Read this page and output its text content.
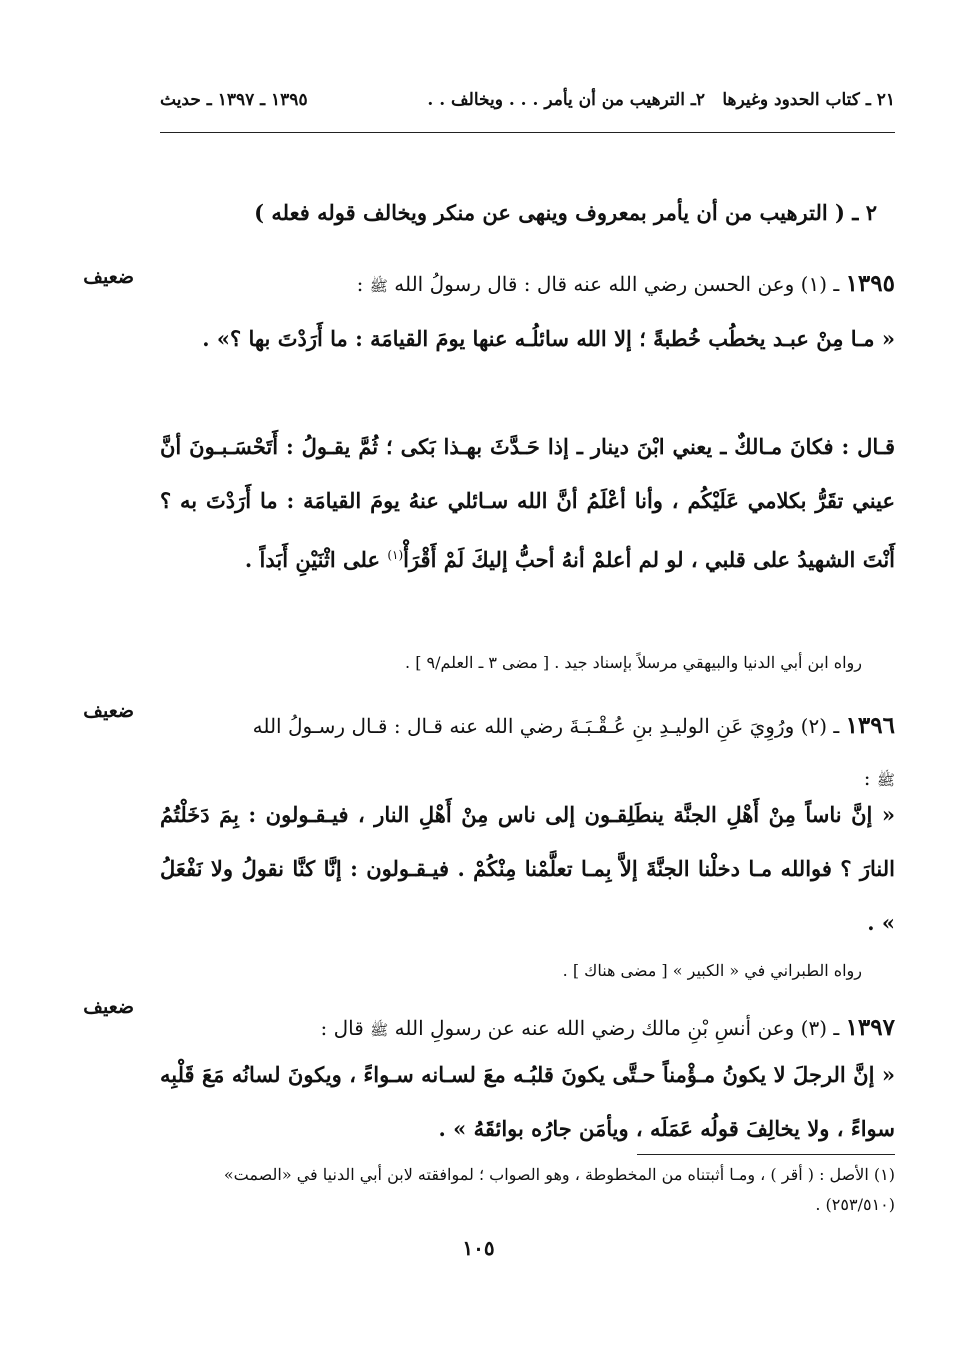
٢١ ـ كتاب الحدود وغيرها
٢ـ الترهيب من أن يأمر . . . ويخالف . .
١٣٩٥ ـ ١٣٩٧ ـ حديث
٢ ـ ( الترهيب من أن يأمر بمعروف وينهى عن منكر ويخالف قوله فعله )
ضعيف	١٣٩٥ ـ (١) وعن الحسن رضي الله عنه قال : قال رسولُ الله ﷺ :
« مـا مِنْ عبـد يخطُب خُطبةً ؛ إلا الله سائلُـه عنها يومَ القيامَة : ما أَرَدْتَ بها ؟» .
قـال : فكانَ مـالكٌ ـ يعني ابْنَ دينار ـ إذا حَـدَّثَ بهـذا بَكى ؛ ثُمَّ يقـولُ : أَتَحْسَـبـونَ أنَّ عيني تقَرُّ بكلامي عَلَيْكُم ، وأنا أعْلَمُ أنَّ الله سـائلي عنهُ يومَ القيامَة : ما أَرَدْتَ به ؟ أَنْتَ الشهيدُ على قلبي ، لو لم أعلمْ أنهُ أحبُّ إليكَ لَمْ أَقْرَأْ$^{(١)}$ على اثْنَيْنِ أَبَداً .
رواه ابن أبي الدنيا والبيهقي مرسلاً بإسناد جيد . [ مضى ٣ ـ العلم/٩ ] .
ضعيف
١٣٩٦ ـ (٢) ورُوِيَ عَنِ الوليـدِ بنِ عُـقْـبَـةَ رضي الله عنه قـال : قـال رسـولُ الله
ﷺ :
« إنَّ ناساً مِنْ أَهْلِ الجنَّة ينطَلِقـون إلى ناس مِنْ أَهْلِ النار ، فيـقـولون : بِمَ دَخَلْتُمُ النارَ ؟ فوالله مـا دخلْنا الجنَّةَ إلاَّ بِمـا تعلَّمْنا مِنْكُمْ . فيـقـولون : إنَّا كنَّا نقولُ ولا نَفْعَلُ » .
رواه الطبراني في « الكبير » [ مضى هناك ] .
ضعيف
١٣٩٧ ـ (٣) وعن أنسِ بْنِ مالك رضي الله عنه عن رسولِ الله ﷺ قال :
« إنَّ الرجلَ لا يكونُ مـؤْمناً حـتَّى يكونَ قلبُـه معَ لسـانه سـواءً ، ويكونَ لسانُه مَعَ قَلْبِه سواءً ، ولا يخالِفَ قولُه عَمَلَه ، ويأمَن جارُه بوائقَهُ » .
(١) الأصل : ( أقر ) ، ومـا أثبتناه من المخطوطة ، وهو الصواب ؛ لموافقته لابن أبي الدنيا في «الصمت» (٢٥٣/٥١٠) .
١٠٥
